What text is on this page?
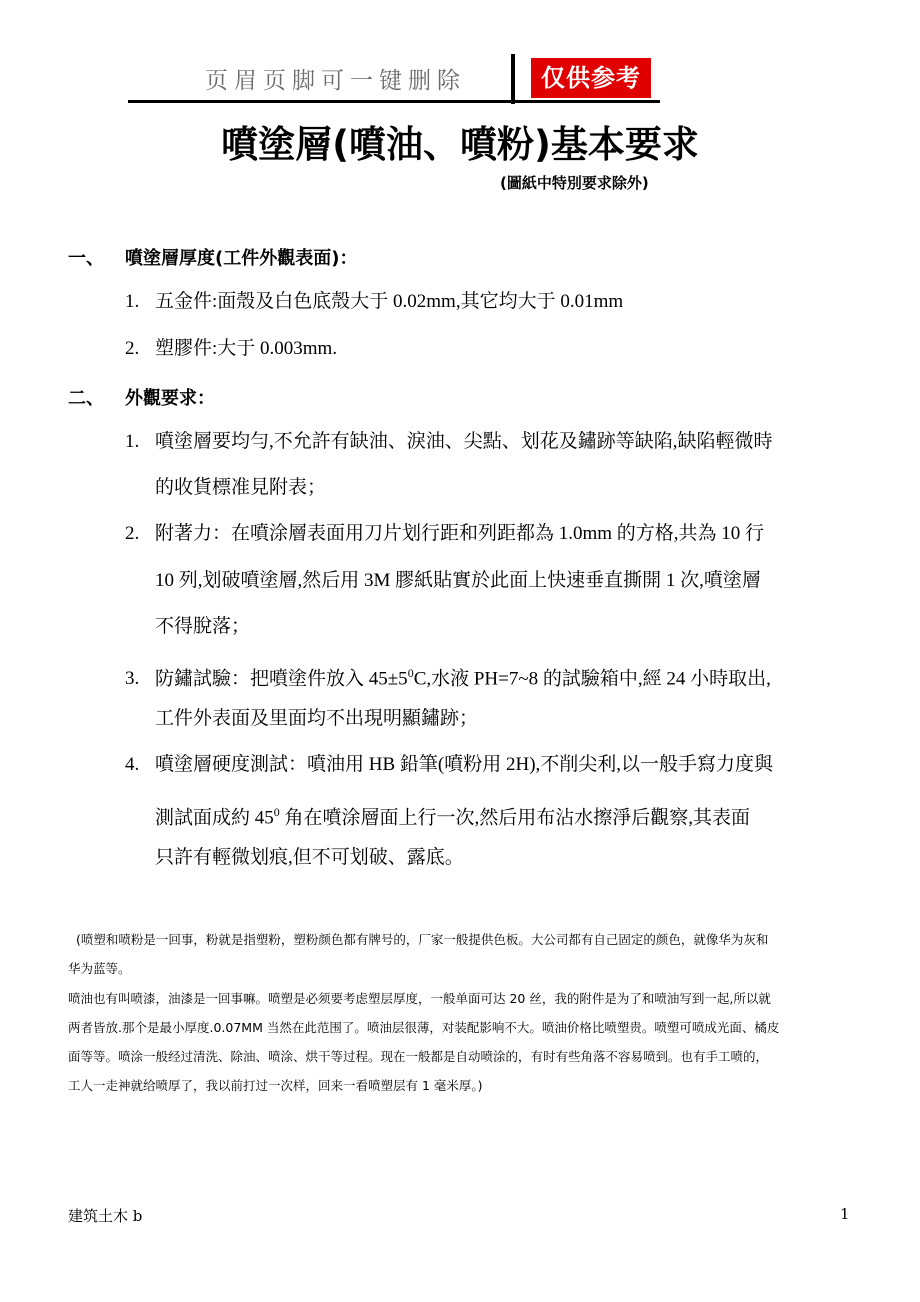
页眉页脚可一键删除	仅供参考
噴塗層(噴油、噴粉)基本要求
(圖紙中特別要求除外)
一、 噴塗層厚度(工件外觀表面)：
1. 五金件:面殼及白色底殼大于 0.02mm,其它均大于 0.01mm
2. 塑膠件:大于 0.003mm.
二、 外觀要求：
1. 噴塗層要均勻,不允許有缺油、淚油、尖點、划花及鏽跡等缺陷,缺陷輕微時
的收貨標准見附表；
2. 附著力：在噴涂層表面用刀片划行距和列距都為 1.0mm 的方格,共為 10 行
10 列,划破噴塗層,然后用 3M 膠紙貼實於此面上快速垂直撕開 1 次,噴塗層
不得脫落；
3. 防鏽試驗：把噴塗件放入 $45\pm 5^0C$,水液 PH=7~8 的試驗箱中,經 24 小時取出,
工件外表面及里面均不出現明顯鏽跡；
4. 噴塗層硬度測試：噴油用 HB 鉛筆(噴粉用 2H),不削尖利,以一般手寫力度與
測試面成約 $45^0$ 角在噴涂層面上行一次,然后用布沾水擦淨后觀察,其表面
只許有輕微划痕,但不可划破、露底。
(喷塑和喷粉是一回事，粉就是指塑粉，塑粉颜色都有牌号的，厂家一般提供色板。大公司都有自己固定的颜色，就像华为灰和
华为蓝等。
喷油也有叫喷漆，油漆是一回事嘛。喷塑是必须要考虑塑层厚度，一般单面可达 20 丝，我的附件是为了和喷油写到一起,所以就
两者皆放.那个是最小厚度.0.07MM 当然在此范围了。喷油层很薄，对装配影响不大。喷油价格比喷塑贵。喷塑可喷成光面、橘皮
面等等。喷涂一般经过清洗、除油、喷涂、烘干等过程。现在一般都是自动喷涂的，有时有些角落不容易喷到。也有手工喷的，
工人一走神就给喷厚了，我以前打过一次样，回来一看喷塑层有 1 毫米厚。)
建筑土木 b	1
